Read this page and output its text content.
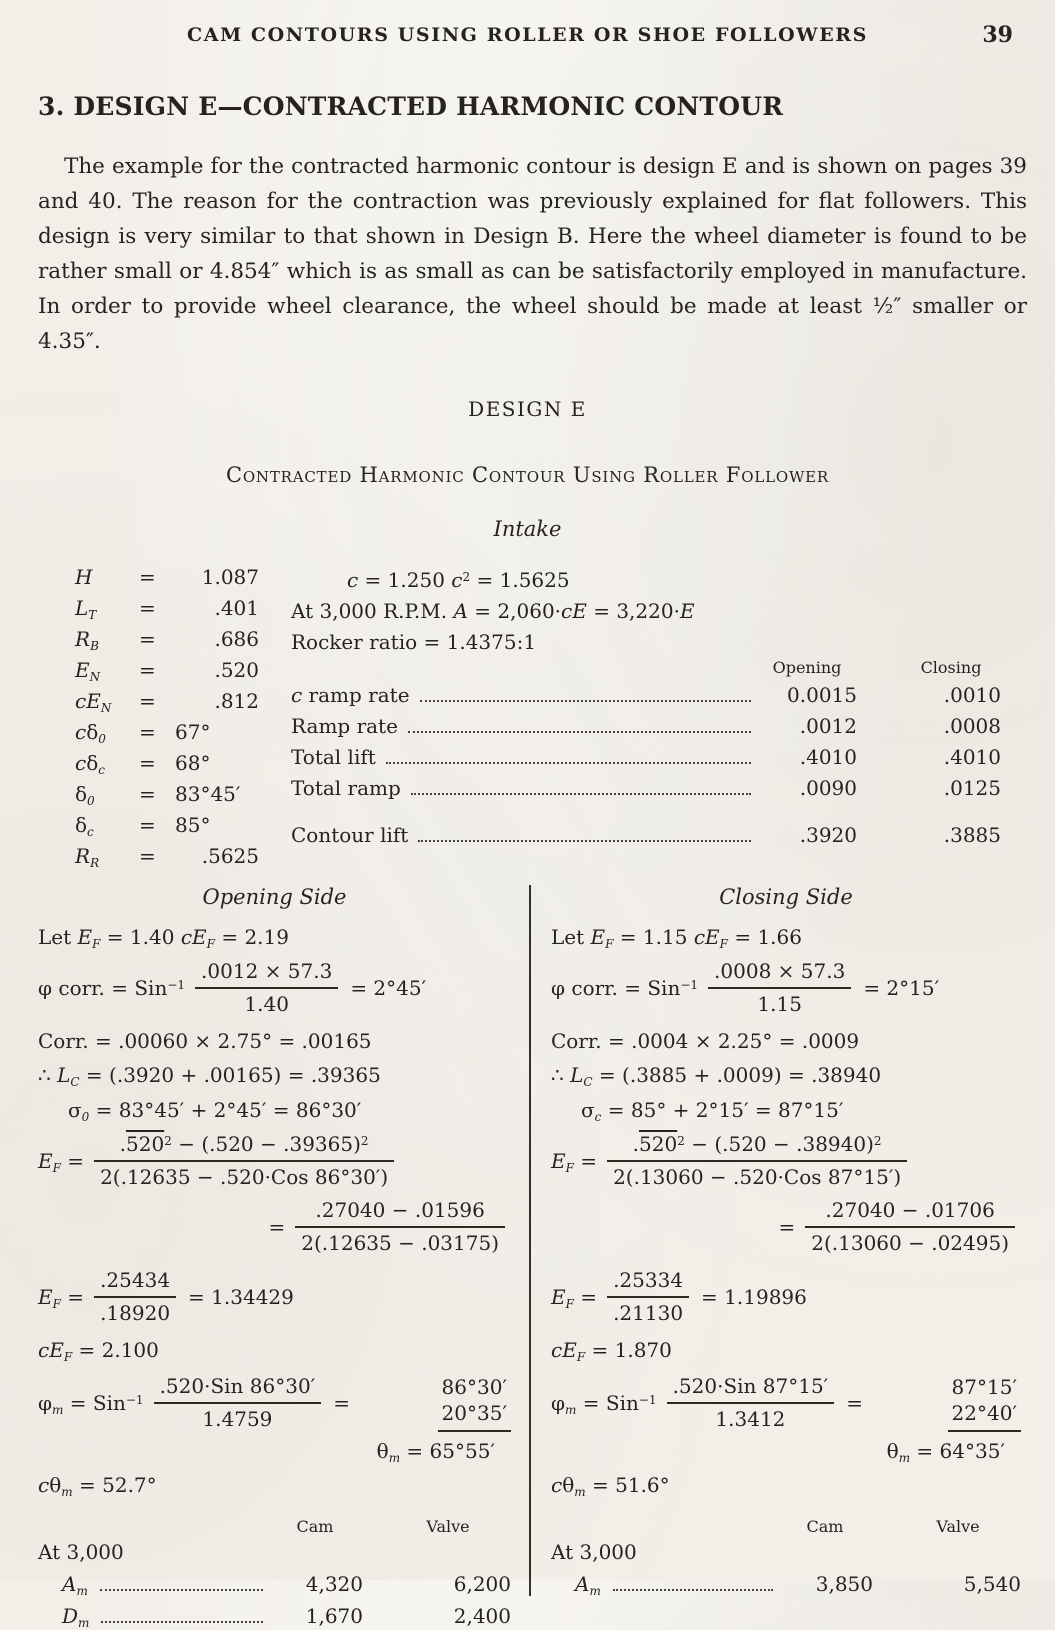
CAM CONTOURS USING ROLLER OR SHOE FOLLOWERS	39
3. DESIGN E—CONTRACTED HARMONIC CONTOUR
The example for the contracted harmonic contour is design E and is shown on pages 39 and 40. The reason for the contraction was previously explained for flat followers. This design is very similar to that shown in Design B. Here the wheel diameter is found to be rather small or 4.854″ which is as small as can be satisfactorily employed in manufacture. In order to provide wheel clearance, the wheel should be made at least ½″ smaller or 4.35″.
DESIGN E
Contracted Harmonic Contour Using Roller Follower
Intake
H	=	1.087
$L_T$	=	.401
$R_B$	=	.686
$E_N$	=	.520
$cE_N$	=	.812
$c\delta_0$	= 67°
$c\delta_c$	= 68°
$\delta_0$	= 83°45′
$\delta_c$	= 85°
$R_R$	=	.5625
c = 1.250 $c^2 = 1.5625$
At 3,000 R.P.M. A = 2,060·cE = 3,220·E
Rocker ratio = 1.4375:1
Opening	Closing
c ramp rate	0.0015	.0010
Ramp rate	.0012	.0008
Total lift	.4010	.4010
Total ramp	.0090	.0125
Contour lift	.3920	.3885
Opening Side
Let $E_F = 1.40$ $cE_F = 2.19$
φ corr. = $Sin^{-1} \frac{.0012 \times 57.3}{1.40} = 2^\circ 45'$
Corr. = .00060 × 2.75° = .00165
∴ $L_C = (.3920 + .00165) = .39365$
$\sigma_0 = 83^\circ 45' + 2^\circ 45' = 86^\circ 30'$
$E_F = \frac{.520^2 - (.520 - .39365)^2}{\text{2(.12635 − .520·Cos 86°30′)}}$
= $\frac{.27040 - .01596}{2(.12635 - .03175)}$
$E_F = \frac{.25434}{.18920} = 1.34429$
$cE_F = 2.100$
$\varphi_m = Sin^{-1} \frac{\text{.520·Sin 86°30′}}{1.4759}$ =
86°30′
20°35′
$\theta_m = 65^\circ 55'$
$c\theta_m = 52.7^\circ$
Cam	Valve
At 3,000
$A_m$	4,320	6,200
$D_m$	1,670	2,400
Closing Side
Let $E_F = 1.15$ $cE_F = 1.66$
φ corr. = $Sin^{-1} \frac{.0008 \times 57.3}{1.15} = 2^\circ 15'$
Corr. = .0004 × 2.25° = .0009
∴ $L_C = (.3885 + .0009) = .38940$
$\sigma_c = 85^\circ + 2^\circ 15' = 87^\circ 15'$
$E_F = \frac{.520^2 - (.520 - .38940)^2}{\text{2(.13060 − .520·Cos 87°15′)}}$
= $\frac{.27040 - .01706}{2(.13060 - .02495)}$
$E_F = \frac{.25334}{.21130} = 1.19896$
$cE_F = 1.870$
$\varphi_m = Sin^{-1} \frac{\text{.520·Sin 87°15′}}{1.3412}$ =
87°15′
22°40′
$\theta_m = 64^\circ 35'$
$c\theta_m = 51.6^\circ$
Cam	Valve
At 3,000
$A_m$	3,850	5,540
